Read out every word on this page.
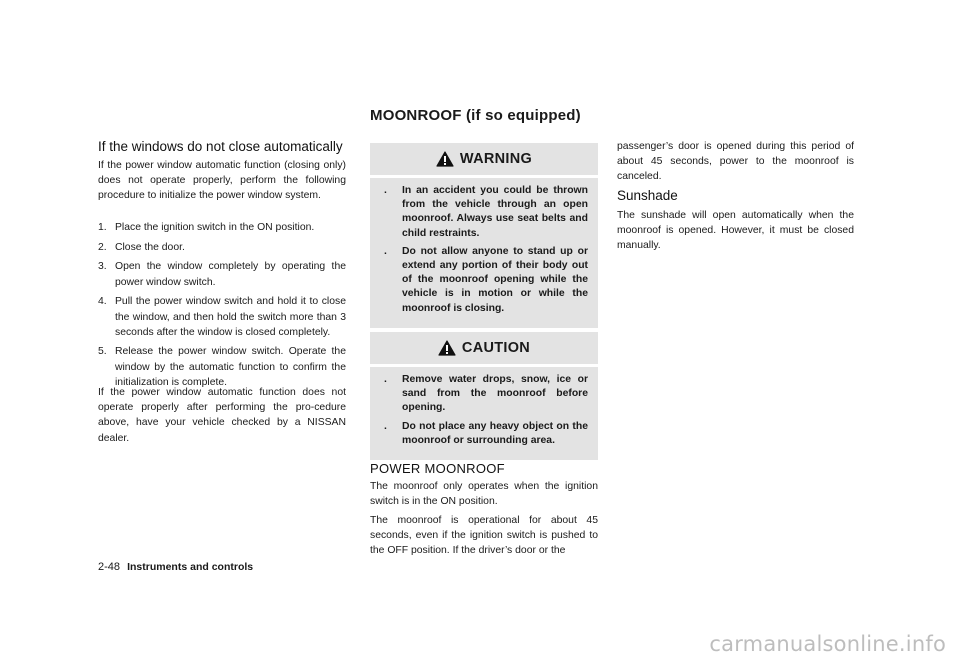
MOONROOF (if so equipped)
If the windows do not close automatically

If the power window automatic function (closing only) does not operate properly, perform the following procedure to initialize the power window system.

1. Place the ignition switch in the ON position.
2. Close the door.
3. Open the window completely by operating the power window switch.
4. Pull the power window switch and hold it to close the window, and then hold the switch more than 3 seconds after the window is closed completely.
5. Release the power window switch. Operate the window by the automatic function to confirm the initialization is complete.

If the power window automatic function does not operate properly after performing the pro-cedure above, have your vehicle checked by a NISSAN dealer.

WARNING
. In an accident you could be thrown from the vehicle through an open moonroof. Always use seat belts and child restraints.
. Do not allow anyone to stand up or extend any portion of their body out of the moonroof opening while the vehicle is in motion or while the moonroof is closing.
CAUTION
. Remove water drops, snow, ice or sand from the moonroof before opening.
. Do not place any heavy object on the moonroof or surrounding area.
POWER MOONROOF

The moonroof only operates when the ignition switch is in the ON position.

The moonroof is operational for about 45 seconds, even if the ignition switch is pushed to the OFF position. If the driver’s door or the

passenger’s door is opened during this period of about 45 seconds, power to the moonroof is canceled.

Sunshade

The sunshade will open automatically when the moonroof is opened. However, it must be closed manually.

2-48 Instruments and controls
carmanualsonline.info
